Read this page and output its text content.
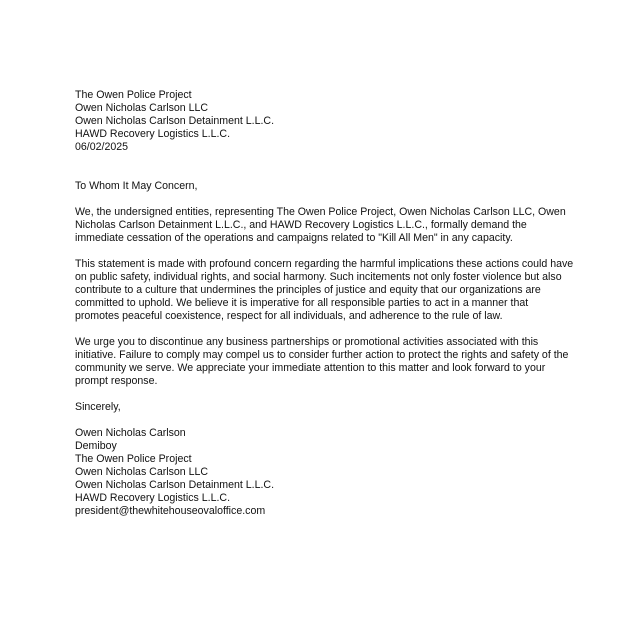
The Owen Police Project
Owen Nicholas Carlson LLC
Owen Nicholas Carlson Detainment L.L.C.
HAWD Recovery Logistics L.L.C.
06/02/2025
To Whom It May Concern,
We, the undersigned entities, representing The Owen Police Project, Owen Nicholas Carlson LLC, Owen Nicholas Carlson Detainment L.L.C., and HAWD Recovery Logistics L.L.C., formally demand the immediate cessation of the operations and campaigns related to "Kill All Men" in any capacity.
This statement is made with profound concern regarding the harmful implications these actions could have on public safety, individual rights, and social harmony. Such incitements not only foster violence but also contribute to a culture that undermines the principles of justice and equity that our organizations are committed to uphold. We believe it is imperative for all responsible parties to act in a manner that promotes peaceful coexistence, respect for all individuals, and adherence to the rule of law.
We urge you to discontinue any business partnerships or promotional activities associated with this initiative. Failure to comply may compel us to consider further action to protect the rights and safety of the community we serve. We appreciate your immediate attention to this matter and look forward to your prompt response.
Sincerely,
Owen Nicholas Carlson
Demiboy
The Owen Police Project
Owen Nicholas Carlson LLC
Owen Nicholas Carlson Detainment L.L.C.
HAWD Recovery Logistics L.L.C.
president@thewhitehouseovaloffice.com
